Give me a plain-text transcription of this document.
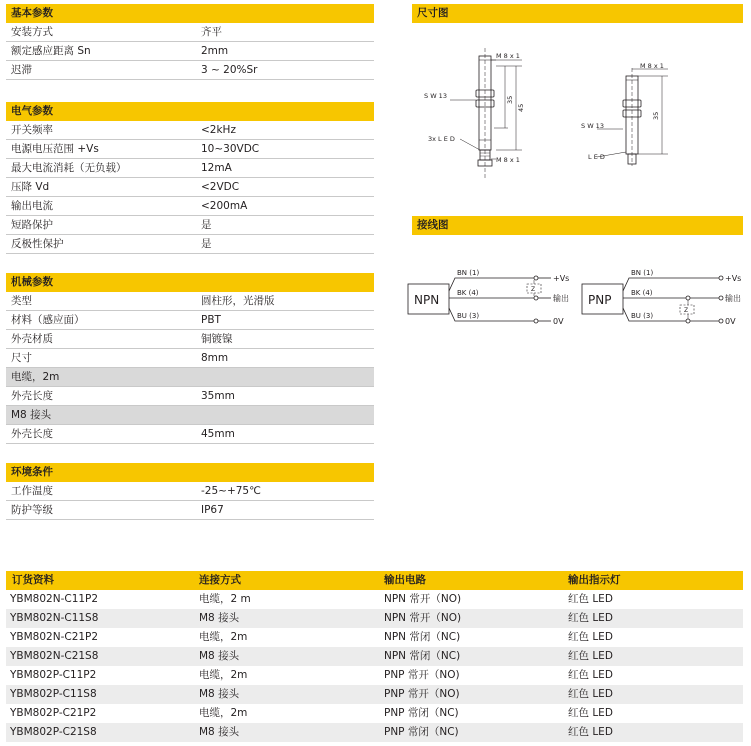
基本参数
安装方式	齐平
额定感应距离 Sn	2mm
迟滞	3 ~ 20%Sr
电气参数
开关频率	<2kHz
电源电压范围 +Vs	10~30VDC
最大电流消耗（无负载）	12mA
压降 Vd	<2VDC
输出电流	<200mA
短路保护	是
反极性保护	是
机械参数
类型	圆柱形，光滑版
材料（感应面）	PBT
外壳材质	铜镀镍
尺寸	8mm
电缆，2m
外壳长度	35mm
M8 接头
外壳长度	45mm
环境条件
工作温度	-25~+75℃
防护等级	IP67
尺寸图
M 8 x 1
M 8 x 1
S W 13
3x L E D
M 8 x 1
S W 13
L E D
35
45
35
接线图
NPN	PNP
BN (1)
BK (4)
BU (3)
BN (1)
BK (4)
BU (3)
+Vs
输出
0V
+Vs
输出
0V
Z
Z
订货资料	连接方式	输出电路	输出指示灯
YBM802N-C11P2	电缆，2 m	NPN 常开（NO)	红色 LED
YBM802N-C11S8	M8 接头	NPN 常开（NO)	红色 LED
YBM802N-C21P2	电缆，2m	NPN 常闭（NC)	红色 LED
YBM802N-C21S8	M8 接头	NPN 常闭（NC)	红色 LED
YBM802P-C11P2	电缆，2m	PNP 常开（NO)	红色 LED
YBM802P-C11S8	M8 接头	PNP 常开（NO)	红色 LED
YBM802P-C21P2	电缆，2m	PNP 常闭（NC)	红色 LED
YBM802P-C21S8	M8 接头	PNP 常闭（NC)	红色 LED
